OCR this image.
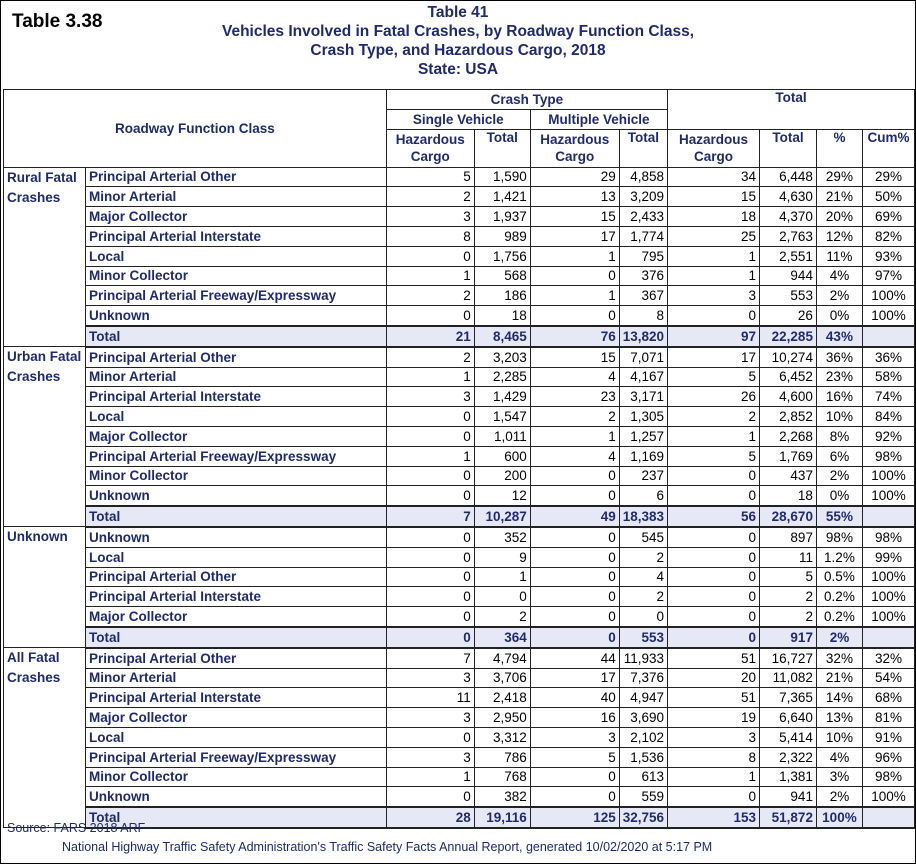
Table 3.38	Table 41
Vehicles Involved in Fatal Crashes, by Roadway Function Class,
Crash Type, and Hazardous Cargo, 2018
State: USA
Roadway Function Class		Crash Type				Total			
		Single Vehicle		Multiple Vehicle					
		Hazardous Cargo	Total	Hazardous Cargo	Total	Hazardous Cargo	Total	%	Cum%
Rural Fatal Crashes	Principal Arterial Other	5	1,590	29	4,858	34	6,448	29%	29%
	Minor Arterial	2	1,421	13	3,209	15	4,630	21%	50%
	Major Collector	3	1,937	15	2,433	18	4,370	20%	69%
	Principal Arterial Interstate	8	989	17	1,774	25	2,763	12%	82%
	Local	0	1,756	1	795	1	2,551	11%	93%
	Minor Collector	1	568	0	376	1	944	4%	97%
	Principal Arterial Freeway/Expressway	2	186	1	367	3	553	2%	100%
	Unknown	0	18	0	8	0	26	0%	100%
	Total	21	8,465	76	13,820	97	22,285	43%	
Urban Fatal Crashes	Principal Arterial Other	2	3,203	15	7,071	17	10,274	36%	36%
	Minor Arterial	1	2,285	4	4,167	5	6,452	23%	58%
	Principal Arterial Interstate	3	1,429	23	3,171	26	4,600	16%	74%
	Local	0	1,547	2	1,305	2	2,852	10%	84%
	Major Collector	0	1,011	1	1,257	1	2,268	8%	92%
	Principal Arterial Freeway/Expressway	1	600	4	1,169	5	1,769	6%	98%
	Minor Collector	0	200	0	237	0	437	2%	100%
	Unknown	0	12	0	6	0	18	0%	100%
	Total	7	10,287	49	18,383	56	28,670	55%	
Unknown	Unknown	0	352	0	545	0	897	98%	98%
	Local	0	9	0	2	0	11	1.2%	99%
	Principal Arterial Other	0	1	0	4	0	5	0.5%	100%
	Principal Arterial Interstate	0	0	0	2	0	2	0.2%	100%
	Major Collector	0	2	0	0	0	2	0.2%	100%
	Total	0	364	0	553	0	917	2%	
All Fatal Crashes	Principal Arterial Other	7	4,794	44	11,933	51	16,727	32%	32%
	Minor Arterial	3	3,706	17	7,376	20	11,082	21%	54%
	Principal Arterial Interstate	11	2,418	40	4,947	51	7,365	14%	68%
	Major Collector	3	2,950	16	3,690	19	6,640	13%	81%
	Local	0	3,312	3	2,102	3	5,414	10%	91%
	Principal Arterial Freeway/Expressway	3	786	5	1,536	8	2,322	4%	96%
	Minor Collector	1	768	0	613	1	1,381	3%	98%
	Unknown	0	382	0	559	0	941	2%	100%
	Total	28	19,116	125	32,756	153	51,872	100%	
Source: FARS 2018 ARF
National Highway Traffic Safety Administration's Traffic Safety Facts Annual Report, generated 10/02/2020 at 5:17 PM
